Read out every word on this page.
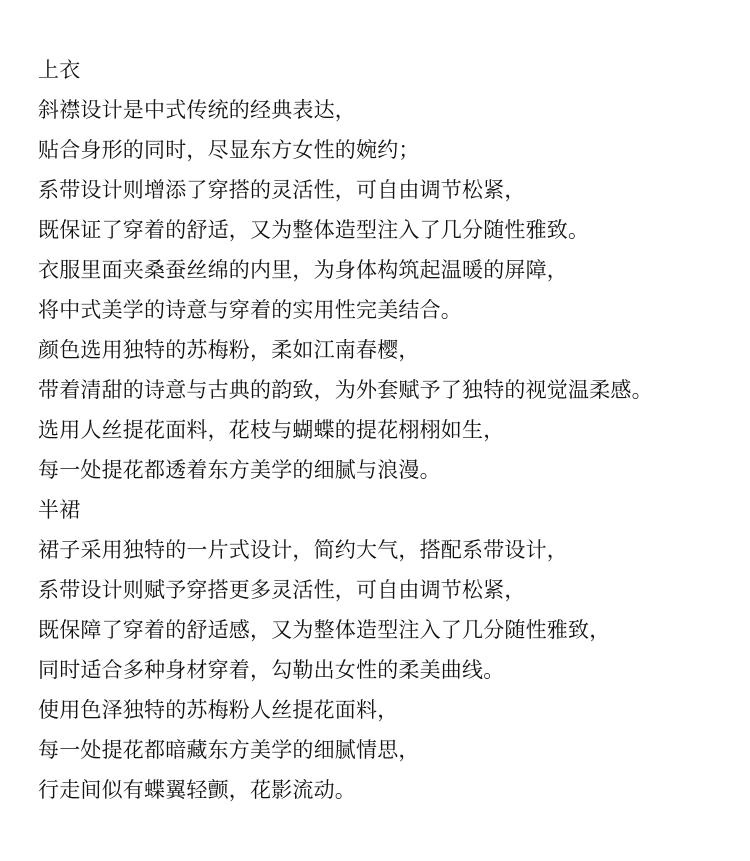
上衣
斜襟设计是中式传统的经典表达，
贴合身形的同时，尽显东方女性的婉约；
系带设计则增添了穿搭的灵活性，可自由调节松紧，
既保证了穿着的舒适，又为整体造型注入了几分随性雅致。
衣服里面夹桑蚕丝绵的内里，为身体构筑起温暖的屏障，
将中式美学的诗意与穿着的实用性完美结合。
颜色选用独特的苏梅粉，柔如江南春樱，
带着清甜的诗意与古典的韵致，为外套赋予了独特的视觉温柔感。
选用人丝提花面料，花枝与蝴蝶的提花栩栩如生，
每一处提花都透着东方美学的细腻与浪漫。
半裙
裙子采用独特的一片式设计，简约大气，搭配系带设计，
系带设计则赋予穿搭更多灵活性，可自由调节松紧，
既保障了穿着的舒适感，又为整体造型注入了几分随性雅致，
同时适合多种身材穿着，勾勒出女性的柔美曲线。
使用色泽独特的苏梅粉人丝提花面料，
每一处提花都暗藏东方美学的细腻情思，
行走间似有蝶翼轻颤，花影流动。
